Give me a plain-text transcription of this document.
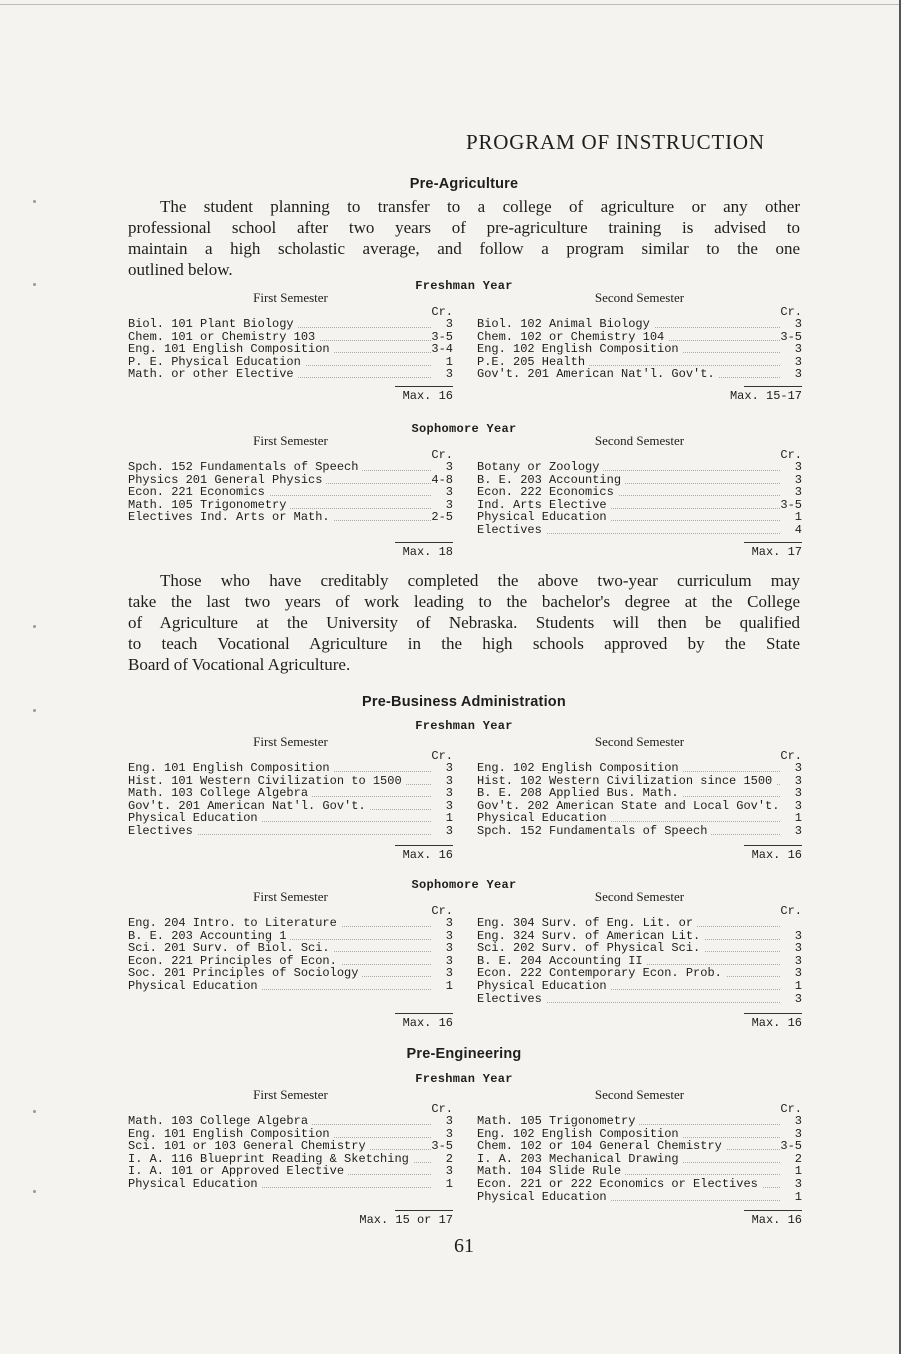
PROGRAM OF INSTRUCTION
Pre-Agriculture
The student planning to transfer to a college of agriculture or any other
professional school after two years of pre-agriculture training is advised to
maintain a high scholastic average, and follow a program similar to the one
outlined below.
Freshman Year
First Semester
Cr.
Biol. 101 Plant Biology	3
Chem. 101 or Chemistry 103	3-5
Eng. 101 English Composition	3-4
P. E. Physical Education	1
Math. or other Elective	3
Max. 16
Second Semester
Cr.
Biol. 102 Animal Biology	3
Chem. 102 or Chemistry 104	3-5
Eng. 102 English Composition	3
P.E. 205 Health	3
Gov't. 201 American Nat'l. Gov't.	3
Max. 15-17
Sophomore Year
First Semester
Cr.
Spch. 152 Fundamentals of Speech	3
Physics 201 General Physics	4-8
Econ. 221 Economics	3
Math. 105 Trigonometry	3
Electives Ind. Arts or Math.	2-5
Max. 18
Second Semester
Cr.
Botany or Zoology	3
B. E. 203 Accounting	3
Econ. 222 Economics	3
Ind. Arts Elective	3-5
Physical Education	1
Electives	4
Max. 17
Those who have creditably completed the above two-year curriculum may
take the last two years of work leading to the bachelor's degree at the College
of Agriculture at the University of Nebraska. Students will then be qualified
to teach Vocational Agriculture in the high schools approved by the State
Board of Vocational Agriculture.
Pre-Business Administration
Freshman Year
First Semester
Cr.
Eng. 101 English Composition	3
Hist. 101 Western Civilization to 1500	3
Math. 103 College Algebra	3
Gov't. 201 American Nat'l. Gov't.	3
Physical Education	1
Electives	3
Max. 16
Second Semester
Cr.
Eng. 102 English Composition	3
Hist. 102 Western Civilization since 1500	3
B. E. 208 Applied Bus. Math.	3
Gov't. 202 American State and Local Gov't.	3
Physical Education	1
Spch. 152 Fundamentals of Speech	3
Max. 16
Sophomore Year
First Semester
Cr.
Eng. 204 Intro. to Literature	3
B. E. 203 Accounting 1	3
Sci. 201 Surv. of Biol. Sci.	3
Econ. 221 Principles of Econ.	3
Soc. 201 Principles of Sociology	3
Physical Education	1
Max. 16
Second Semester
Cr.
Eng. 304 Surv. of Eng. Lit. or
Eng. 324 Surv. of American Lit.	3
Sci. 202 Surv. of Physical Sci.	3
B. E. 204 Accounting II	3
Econ. 222 Contemporary Econ. Prob.	3
Physical Education	1
Electives	3
Max. 16
Pre-Engineering
Freshman Year
First Semester
Cr.
Math. 103 College Algebra	3
Eng. 101 English Composition	3
Sci. 101 or 103 General Chemistry	3-5
I. A. 116 Blueprint Reading & Sketching	2
I. A. 101 or Approved Elective	3
Physical Education	1
Max. 15 or 17
Second Semester
Cr.
Math. 105 Trigonometry	3
Eng. 102 English Composition	3
Chem. 102 or 104 General Chemistry	3-5
I. A. 203 Mechanical Drawing	2
Math. 104 Slide Rule	1
Econ. 221 or 222 Economics or Electives	3
Physical Education	1
Max. 16
61
